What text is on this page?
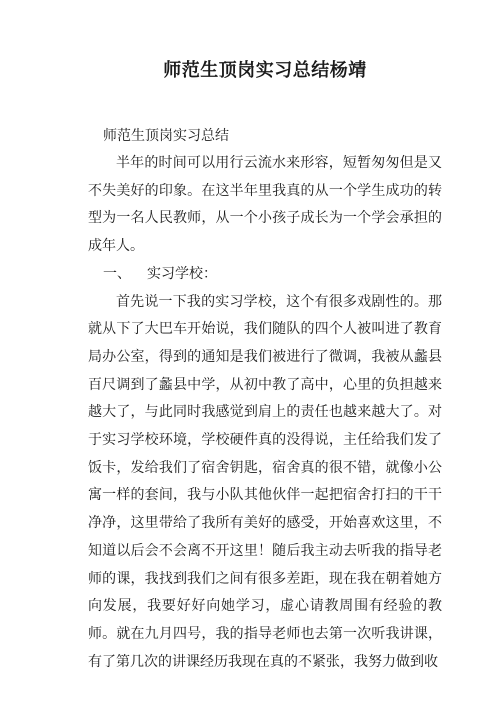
师范生顶岗实习总结杨靖

师范生顶岗实习总结

半年的时间可以用行云流水来形容，短暂匆匆但是又不失美好的印象。在这半年里我真的从一个学生成功的转型为一名人民教师，从一个小孩子成长为一个学会承担的成年人。

一、 实习学校：

首先说一下我的实习学校，这个有很多戏剧性的。那就从下了大巴车开始说，我们随队的四个人被叫进了教育局办公室，得到的通知是我们被进行了微调，我被从蠡县百尺调到了蠡县中学，从初中教了高中，心里的负担越来越大了，与此同时我感觉到肩上的责任也越来越大了。对于实习学校环境，学校硬件真的没得说，主任给我们发了饭卡，发给我们了宿舍钥匙，宿舍真的很不错，就像小公寓一样的套间，我与小队其他伙伴一起把宿舍打扫的干干净净，这里带给了我所有美好的感受，开始喜欢这里，不知道以后会不会离不开这里！随后我主动去听我的指导老师的课，我找到我们之间有很多差距，现在我在朝着她方向发展，我要好好向她学习，虚心请教周围有经验的教师。就在九月四号，我的指导老师也去第一次听我讲课，有了第几次的讲课经历我现在真的不紧张，我努力做到收
